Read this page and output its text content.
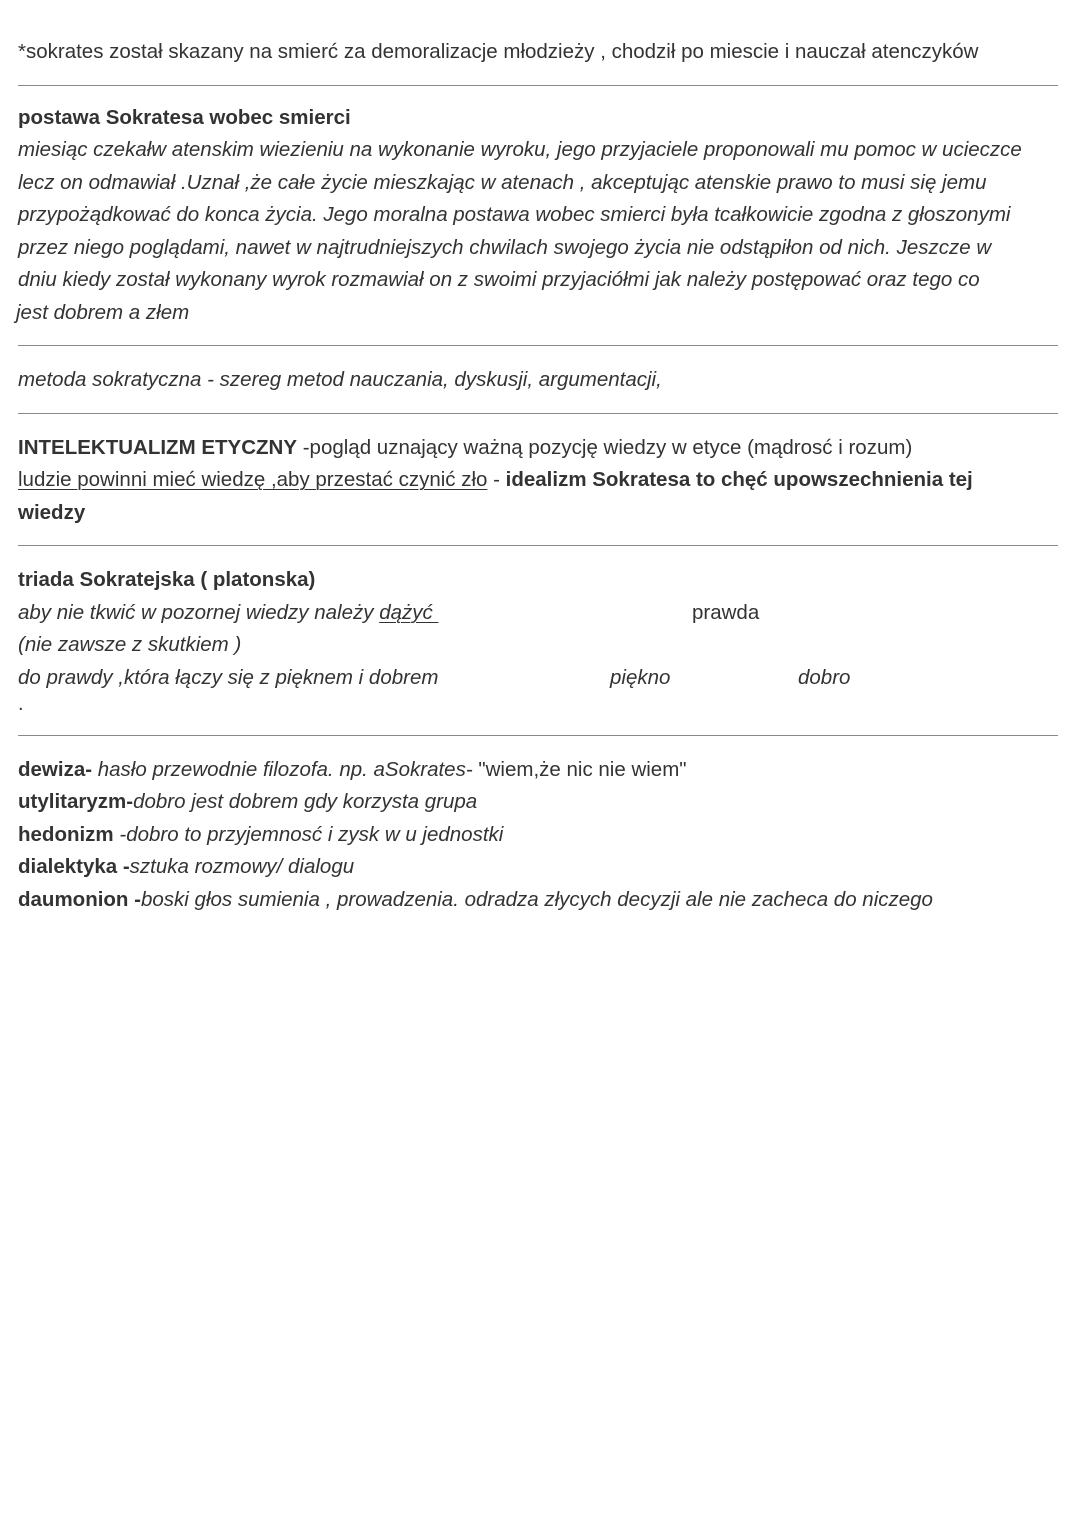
*sokrates został skazany na smierć za demoralizacje młodzieży , chodził po miescie i nauczał atenczyków
postawa Sokratesa wobec smierci
miesiąc czekałw atenskim wiezieniu na wykonanie wyroku, jego przyjaciele proponowali mu pomoc w ucieczce
lecz on odmawiał .Uznał ,że całe życie mieszkając w atenach , akceptując atenskie prawo to musi się jemu
przypożądkować do konca życia. Jego moralna postawa wobec smierci była tcałkowicie zgodna z głoszonymi
przez niego poglądami, nawet w najtrudniejszych chwilach swojego życia nie odstąpiłon od nich. Jeszcze w
dniu kiedy został wykonany wyrok rozmawiał on z swoimi przyjaciółmi jak należy postępować oraz tego co
jest dobrem a złem
metoda sokratyczna - szereg metod nauczania, dyskusji, argumentacji,
INTELEKTUALIZM ETYCZNY -pogląd uznający ważną pozycję wiedzy w etyce (mądrosć i rozum)
ludzie powinni mieć wiedzę ,aby przestać czynić zło - idealizm Sokratesa to chęć upowszechnienia tej
wiedzy
triada Sokratejska ( platonska)
aby nie tkwić w pozornej wiedzy należy dążyć
(nie zawsze z skutkiem )
do prawdy ,która łączy się z pięknem i dobrem
.
prawda
piękno	dobro
dewiza- hasło przewodnie filozofa. np. aSokrates- "wiem,że nic nie wiem"
utylitaryzm-dobro jest dobrem gdy korzysta grupa
hedonizm -dobro to przyjemnosć i zysk w u jednostki
dialektyka -sztuka rozmowy/ dialogu
daumonion -boski głos sumienia , prowadzenia. odradza złycych decyzji ale nie zacheca do niczego
